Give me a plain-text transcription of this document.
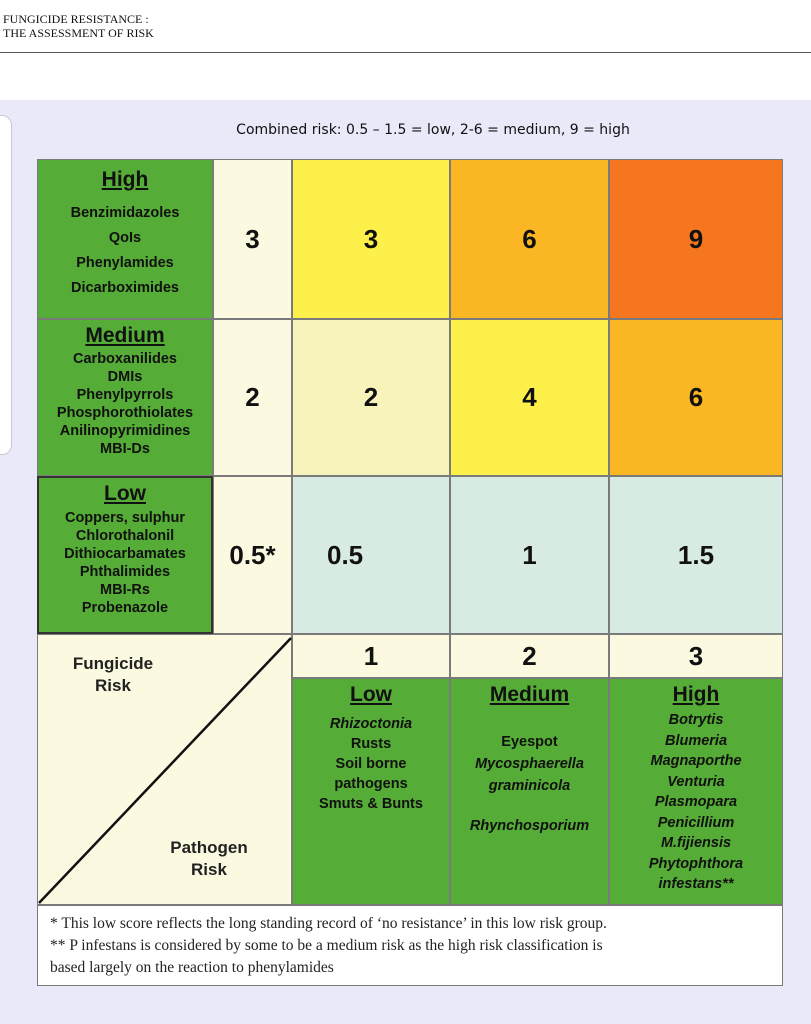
FUNGICIDE RESISTANCE :
THE ASSESSMENT OF RISK
Combined risk: 0.5 – 1.5 = low, 2-6 = medium, 9 = high
High
Benzimidazoles
QoIs
Phenylamides
Dicarboximides
3	3	6	9
Medium
Carboxanilides
DMIs
Phenylpyrrols
Phosphorothiolates
Anilinopyrimidines
MBI-Ds
2	2	4	6
Low
Coppers, sulphur
Chlorothalonil
Dithiocarbamates
Phthalimides
MBI-Rs
Probenazole
0.5* 0.5	1	1.5
Fungicide
Risk
Pathogen
Risk
1	2	3
Low
Rhizoctonia
Rusts
Soil borne
pathogens
Smuts & Bunts
Medium
Eyespot
Mycosphaerella
graminicola
Rhynchosporium
High
Botrytis
Blumeria
Magnaporthe
Venturia
Plasmopara
Penicillium
M.fijiensis
Phytophthora
infestans**
* This low score reflects the long standing record of ‘no resistance’ in this low risk group.
** P infestans is considered by some to be a medium risk as the high risk classification is
based largely on the reaction to phenylamides
